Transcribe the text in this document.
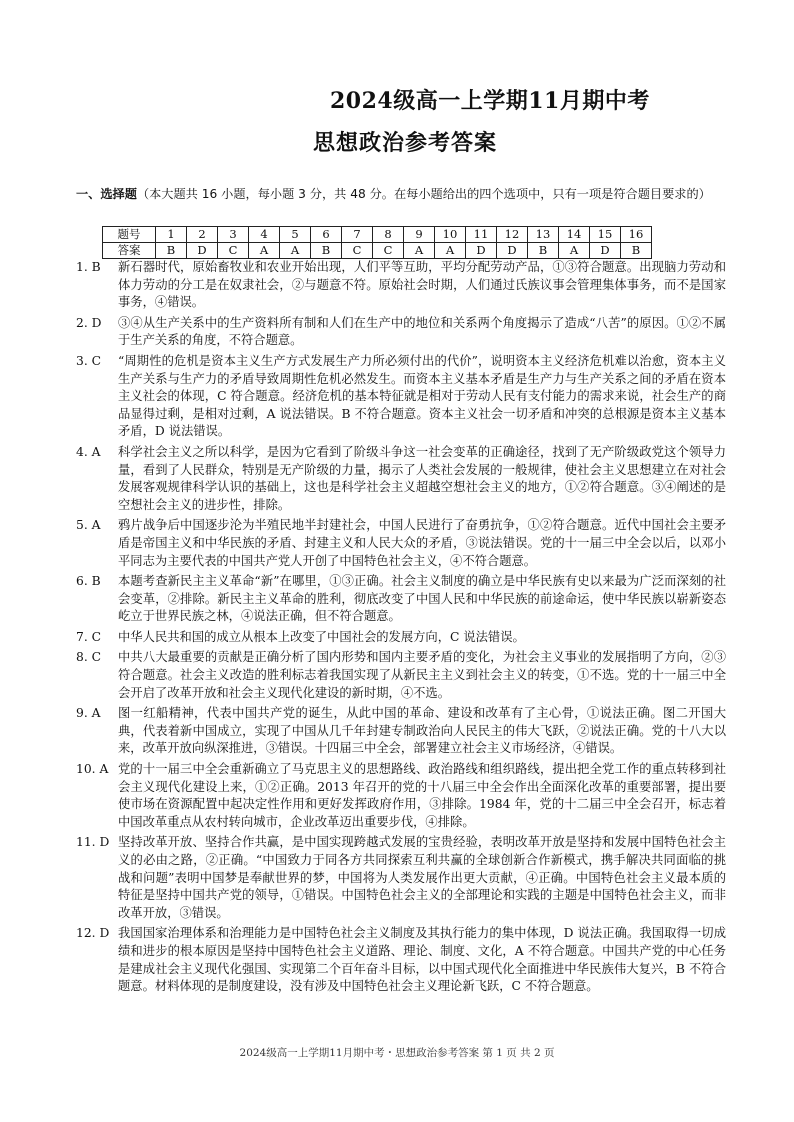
2024级高一上学期11月期中考
思想政治参考答案
一、选择题（本大题共 16 小题，每小题 3 分，共 48 分。在每小题给出的四个选项中，只有一项是符合题目要求的）
题号	1	2	3	4	5	6	7	8	9	10	11	12	13	14	15	16
答案	B	D	C	A	A	B	C	C	A	A	D	D	B	A	D	B
1. B 新石器时代，原始畜牧业和农业开始出现，人们平等互助，平均分配劳动产品，①③符合题意。出现脑力劳动和体力劳动的分工是在奴隶社会，②与题意不符。原始社会时期，人们通过氏族议事会管理集体事务，而不是国家事务，④错误。
2. D ③④从生产关系中的生产资料所有制和人们在生产中的地位和关系两个角度揭示了造成“八苦”的原因。①②不属于生产关系的角度，不符合题意。
3. C “周期性的危机是资本主义生产方式发展生产力所必须付出的代价”，说明资本主义经济危机难以治愈，资本主义生产关系与生产力的矛盾导致周期性危机必然发生。而资本主义基本矛盾是生产力与生产关系之间的矛盾在资本主义社会的体现，C 符合题意。经济危机的基本特征就是相对于劳动人民有支付能力的需求来说，社会生产的商品显得过剩，是相对过剩，A 说法错误。B 不符合题意。资本主义社会一切矛盾和冲突的总根源是资本主义基本矛盾，D 说法错误。
4. A 科学社会主义之所以科学，是因为它看到了阶级斗争这一社会变革的正确途径，找到了无产阶级政党这个领导力量，看到了人民群众，特别是无产阶级的力量，揭示了人类社会发展的一般规律，使社会主义思想建立在对社会发展客观规律科学认识的基础上，这也是科学社会主义超越空想社会主义的地方，①②符合题意。③④阐述的是空想社会主义的进步性，排除。
5. A 鸦片战争后中国逐步沦为半殖民地半封建社会，中国人民进行了奋勇抗争，①②符合题意。近代中国社会主要矛盾是帝国主义和中华民族的矛盾、封建主义和人民大众的矛盾，③说法错误。党的十一届三中全会以后，以邓小平同志为主要代表的中国共产党人开创了中国特色社会主义，④不符合题意。
6. B 本题考查新民主主义革命“新”在哪里，①③正确。社会主义制度的确立是中华民族有史以来最为广泛而深刻的社会变革，②排除。新民主主义革命的胜利，彻底改变了中国人民和中华民族的前途命运，使中华民族以崭新姿态屹立于世界民族之林，④说法正确，但不符合题意。
7. C 中华人民共和国的成立从根本上改变了中国社会的发展方向，C 说法错误。
8. C 中共八大最重要的贡献是正确分析了国内形势和国内主要矛盾的变化，为社会主义事业的发展指明了方向，②③符合题意。社会主义改造的胜利标志着我国实现了从新民主主义到社会主义的转变，①不选。党的十一届三中全会开启了改革开放和社会主义现代化建设的新时期，④不选。
9. A 图一红船精神，代表中国共产党的诞生，从此中国的革命、建设和改革有了主心骨，①说法正确。图二开国大典，代表着新中国成立，实现了中国从几千年封建专制政治向人民民主的伟大飞跃，②说法正确。党的十八大以来，改革开放向纵深推进，③错误。十四届三中全会，部署建立社会主义市场经济，④错误。
10. A 党的十一届三中全会重新确立了马克思主义的思想路线、政治路线和组织路线，提出把全党工作的重点转移到社会主义现代化建设上来，①②正确。2013 年召开的党的十八届三中全会作出全面深化改革的重要部署，提出要使市场在资源配置中起决定性作用和更好发挥政府作用，③排除。1984 年，党的十二届三中全会召开，标志着中国改革重点从农村转向城市，企业改革迈出重要步伐，④排除。
11. D 坚持改革开放、坚持合作共赢，是中国实现跨越式发展的宝贵经验，表明改革开放是坚持和发展中国特色社会主义的必由之路，②正确。“中国致力于同各方共同探索互利共赢的全球创新合作新模式，携手解决共同面临的挑战和问题”表明中国梦是奉献世界的梦，中国将为人类发展作出更大贡献，④正确。中国特色社会主义最本质的特征是坚持中国共产党的领导，①错误。中国特色社会主义的全部理论和实践的主题是中国特色社会主义，而非改革开放，③错误。
12. D 我国国家治理体系和治理能力是中国特色社会主义制度及其执行能力的集中体现，D 说法正确。我国取得一切成绩和进步的根本原因是坚持中国特色社会主义道路、理论、制度、文化，A 不符合题意。中国共产党的中心任务是建成社会主义现代化强国、实现第二个百年奋斗目标，以中国式现代化全面推进中华民族伟大复兴，B 不符合题意。材料体现的是制度建设，没有涉及中国特色社会主义理论新飞跃，C 不符合题意。
2024级高一上学期11月期中考・思想政治参考答案 第 1 页 共 2 页
